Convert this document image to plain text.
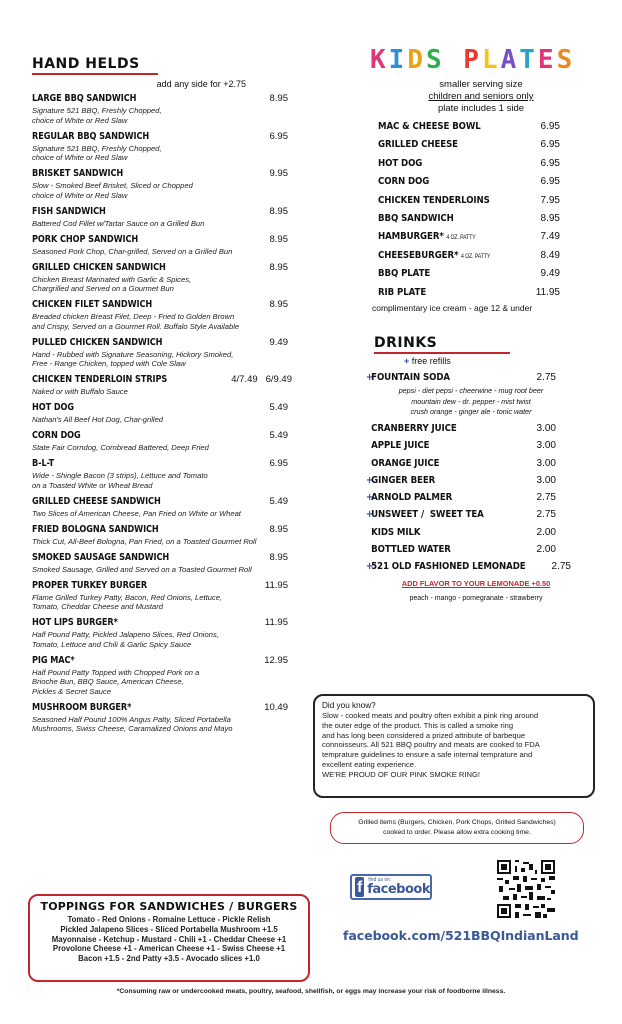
HAND HELDS
add any side for +2.75
LARGE BBQ SANDWICH	8.95
Signature 521 BBQ, Freshly Chopped,
choice of White or Red Slaw
REGULAR BBQ SANDWICH	6.95
Signature 521 BBQ, Freshly Chopped,
choice of White or Red Slaw
BRISKET SANDWICH	9.95
Slow - Smoked Beef Brisket, Sliced or Chopped
choice of White or Red Slaw
FISH SANDWICH	8.95
Battered Cod Fillet w/Tartar Sauce on a Grilled Bun
PORK CHOP SANDWICH	8.95
Seasoned Pork Chop, Char-grilled, Served on a Grilled Bun
GRILLED CHICKEN SANDWICH	8.95
Chicken Breast Marinated with Garlic & Spices,
Chargrilled and Served on a Gourmet Bun
CHICKEN FILET SANDWICH	8.95
Breaded chicken Breast Filet, Deep - Fried to Golden Brown
and Crispy, Served on a Gourmet Roll. Buffalo Style Available
PULLED CHICKEN SANDWICH	9.49
Hand - Rubbed with Signature Seasoning, Hickory Smoked,
Free - Range Chicken, topped with Cole Slaw
CHICKEN TENDERLOIN STRIPS	4/7.49   6/9.49
Naked or with Buffalo Sauce
HOT DOG	5.49
Nathan's All Beef Hot Dog, Char-grilled
CORN DOG	5.49
State Fair Corndog, Cornbread Battered, Deep Fried
B-L-T	6.95
Wide - Shingle Bacon (3 strips), Lettuce and Tomato
on a Toasted White or Wheat Bread
GRILLED CHEESE SANDWICH	5.49
Two Slices of American Cheese, Pan Fried on White or Wheat
FRIED BOLOGNA SANDWICH	8.95
Thick Cut, All-Beef Bologna, Pan Fried, on a Toasted Gourmet Roll
SMOKED SAUSAGE SANDWICH	8.95
Smoked Sausage, Grilled and Served on a Toasted Gourmet Roll
PROPER TURKEY BURGER	11.95
Flame Grilled Turkey Patty, Bacon, Red Onions, Lettuce,
Tomato, Cheddar Cheese and Mustard
HOT LIPS BURGER*	11.95
Half Pound Patty, Pickled Jalapeno Slices, Red Onions,
Tomato, Lettuce and Chili & Garlic Spicy Sauce
PIG MAC*	12.95
Half Pound Patty Topped with Chopped Pork on a
Brioche Bun, BBQ Sauce, American Cheese,
Pickles & Secret Sauce
MUSHROOM BURGER*	10.49
Seasoned Half Pound 100% Angus Patty, Sliced Portabella
Mushrooms, Swiss Cheese, Caramalized Onions and Mayo
TOPPINGS FOR SANDWICHES / BURGERS
Tomato - Red Onions - Romaine Lettuce - Pickle Relish
Pickled Jalapeno Slices - Sliced Portabella Mushroom +1.5
Mayonnaise - Ketchup - Mustard - Chili +1 - Cheddar Cheese +1
Provolone Cheese +1 - American Cheese +1 - Swiss Cheese +1
Bacon +1.5 - 2nd Patty +3.5 - Avocado slices +1.0
*Consuming raw or undercooked meats, poultry, seafood, shellfish, or eggs may increase your risk of foodborne illness.
KIDS PLATES
smaller serving size
children and seniors only
plate includes 1 side
MAC & CHEESE BOWL	6.95
GRILLED CHEESE	6.95
HOT DOG	6.95
CORN DOG	6.95
CHICKEN TENDERLOINS	7.95
BBQ SANDWICH	8.95
HAMBURGER* 4 OZ. PATTY	7.49
CHEESEBURGER* 4 OZ. PATTY	8.49
BBQ PLATE	9.49
RIB PLATE	11.95
complimentary ice cream - age 12 & under
DRINKS
+ free refills
+FOUNTAIN SODA	2.75
pepsi - diet pepsi - cheerwine - mug root beer
mountain dew - dr. pepper - mist twist
crush orange - ginger ale - tonic water
CRANBERRY JUICE	3.00
APPLE JUICE	3.00
ORANGE JUICE	3.00
+GINGER BEER	3.00
+ARNOLD PALMER	2.75
+UNSWEET /  SWEET TEA	2.75
KIDS MILK	2.00
BOTTLED WATER	2.00
+521 OLD FASHIONED LEMONADE	2.75
ADD FLAVOR TO YOUR LEMONADE +0.50
peach - mango - pomegranate - strawberry
Did you know?
Slow - cooked meats and poultry often exhibit a pink ring around
the outer edge of the product. This is called a smoke ring
and has long been considered a prized attribute of barbeque
connoisseurs. All 521 BBQ poultry and meats are cooked to FDA
temprature guidelines to ensure a safe internal temprature and
excellent eating experience.
WE'RE PROUD OF OUR PINK SMOKE RING!
Grilled items (Burgers, Chicken, Pork Chops, Grilled Sandwiches)
cooked to order. Please allow extra cooking time.
f	find us on
facebook
facebook.com/521BBQIndianLand
